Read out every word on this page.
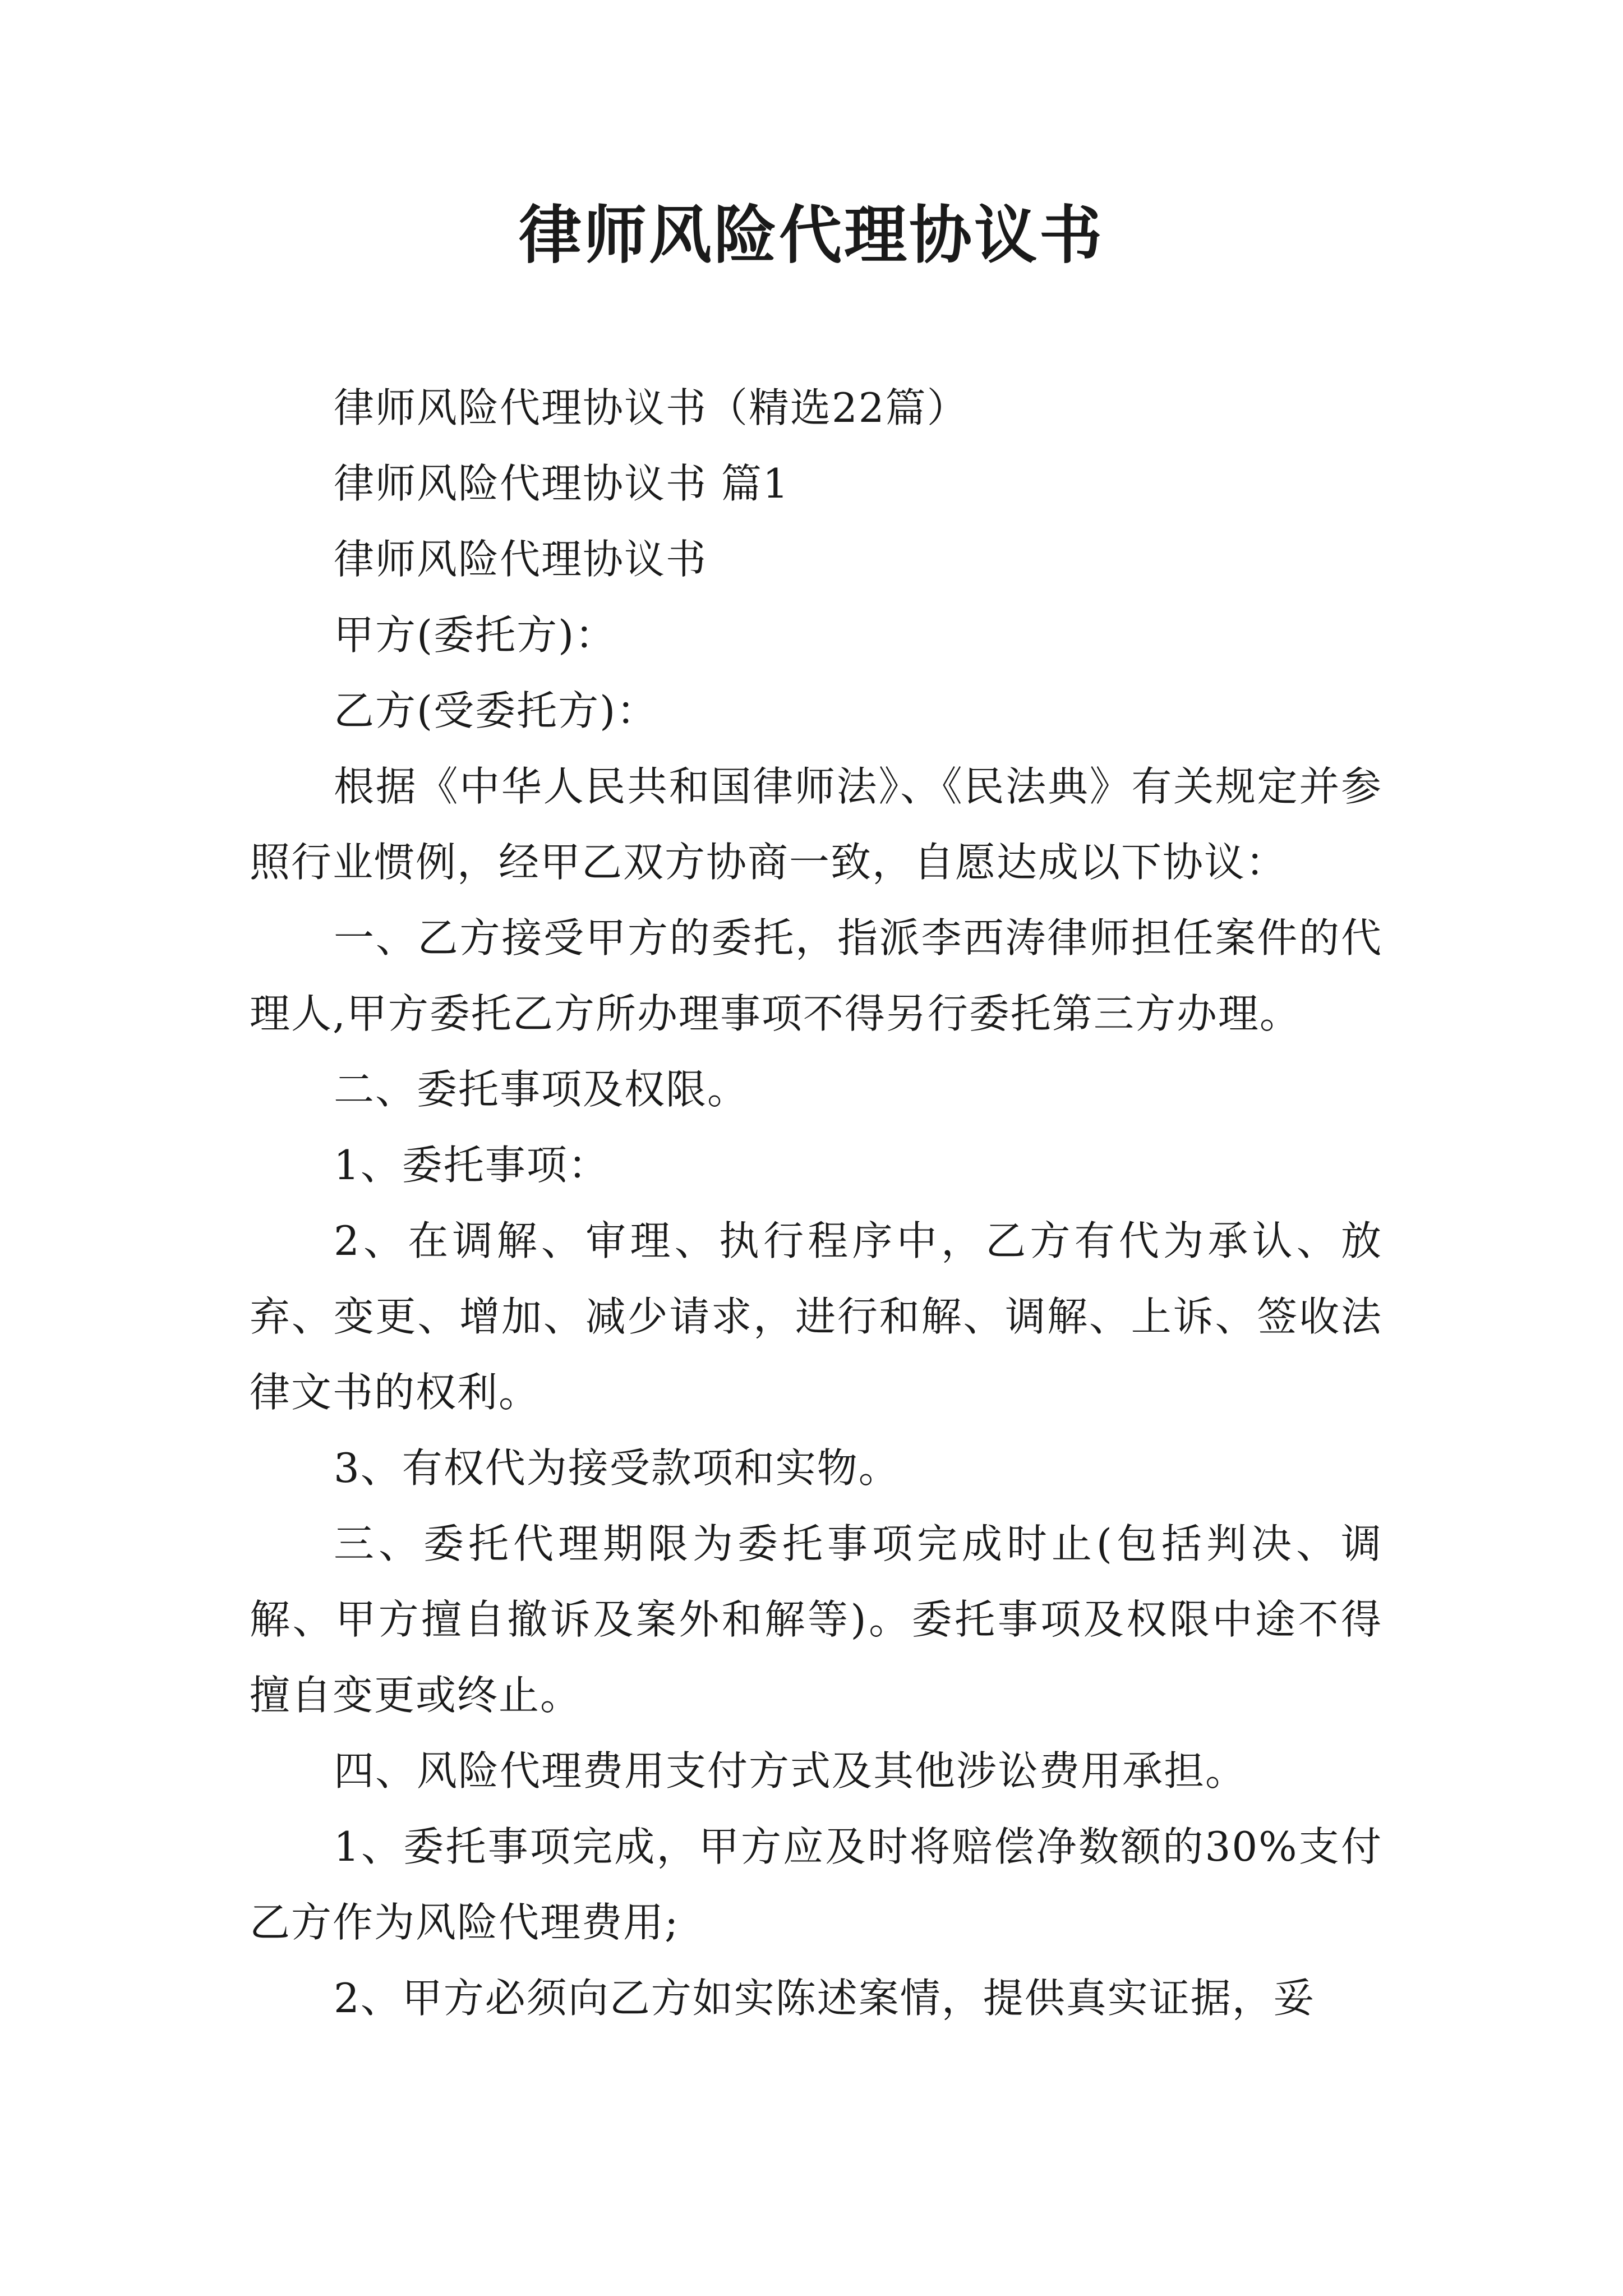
律师风险代理协议书

律师风险代理协议书（精选22篇）

律师风险代理协议书 篇1

律师风险代理协议书

甲方(委托方)：

乙方(受委托方)：

根据《中华人民共和国律师法》、《民法典》有关规定并参照行业惯例，经甲乙双方协商一致，自愿达成以下协议：

一、乙方接受甲方的委托，指派李西涛律师担任案件的代理人,甲方委托乙方所办理事项不得另行委托第三方办理。

二、委托事项及权限。

1、委托事项：

2、在调解、审理、执行程序中，乙方有代为承认、放弃、变更、增加、减少请求，进行和解、调解、上诉、签收法律文书的权利。

3、有权代为接受款项和实物。

三、委托代理期限为委托事项完成时止(包括判决、调解、甲方擅自撤诉及案外和解等)。委托事项及权限中途不得擅自变更或终止。

四、风险代理费用支付方式及其他涉讼费用承担。

1、委托事项完成，甲方应及时将赔偿净数额的30%支付乙方作为风险代理费用;

2、甲方必须向乙方如实陈述案情，提供真实证据，妥
